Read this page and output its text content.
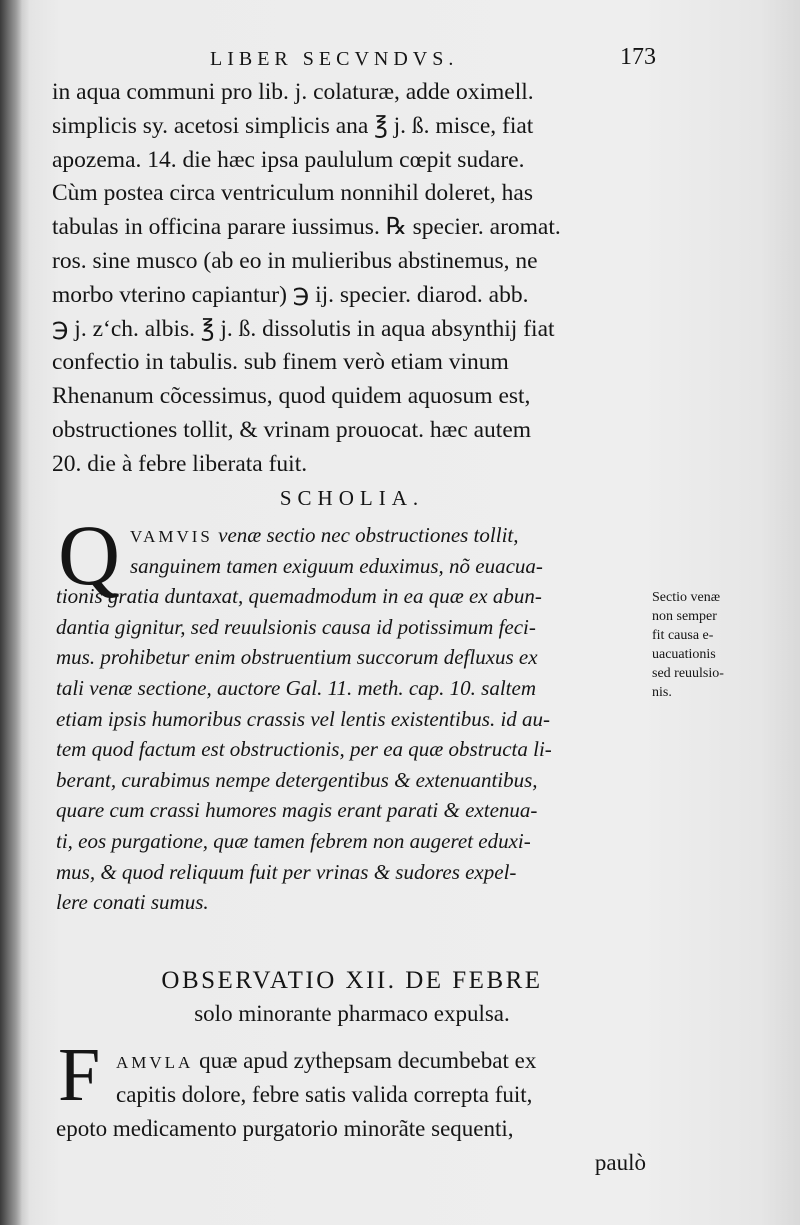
LIBER SECVNDVS.	173
in aqua communi pro lib. j. colaturæ, adde oximell.
simplicis sy. acetosi simplicis ana ℥ j. ß. misce, fiat
apozema. 14. die hæc ipsa paululum cœpit sudare.
Cùm postea circa ventriculum nonnihil doleret, has
tabulas in officina parare iussimus. ℞ specier. aromat.
ros. sine musco (ab eo in mulieribus abstinemus, ne
morbo vterino capiantur) ℈ ij. specier. diarod. abb.
℈ j. z‘ch. albis. ℥ j. ß. dissolutis in aqua absynthij fiat
confectio in tabulis. sub finem verò etiam vinum
Rhenanum cõcessimus, quod quidem aquosum est,
obstructiones tollit, & vrinam prouocat. hæc autem
20. die à febre liberata fuit.
SCHOLIA.
Q VAMVIS venæ sectio nec obstructiones tollit,
sanguinem tamen exiguum eduximus, nõ euacua-
tionis gratia duntaxat, quemadmodum in ea quæ ex abun-
dantia gignitur, sed reuulsionis causa id potissimum feci-
mus. prohibetur enim obstruentium succorum defluxus ex
tali venæ sectione, auctore Gal. 11. meth. cap. 10. saltem
etiam ipsis humoribus crassis vel lentis existentibus. id au-
tem quod factum est obstructionis, per ea quæ obstructa li-
berant, curabimus nempe detergentibus & extenuantibus,
quare cum crassi humores magis erant parati & extenua-
ti, eos purgatione, quæ tamen febrem non augeret eduxi-
mus, & quod reliquum fuit per vrinas & sudores expel-
lere conati sumus.
Sectio venæ
non semper
fit causa e-
uacuationis
sed reuulsio-
nis.
OBSERVATIO XII. DE FEBRE
solo minorante pharmaco expulsa.
F AMVLA quæ apud zythepsam decumbebat ex
capitis dolore, febre satis valida correpta fuit,
epoto medicamento purgatorio minorãte sequenti,
paulò
